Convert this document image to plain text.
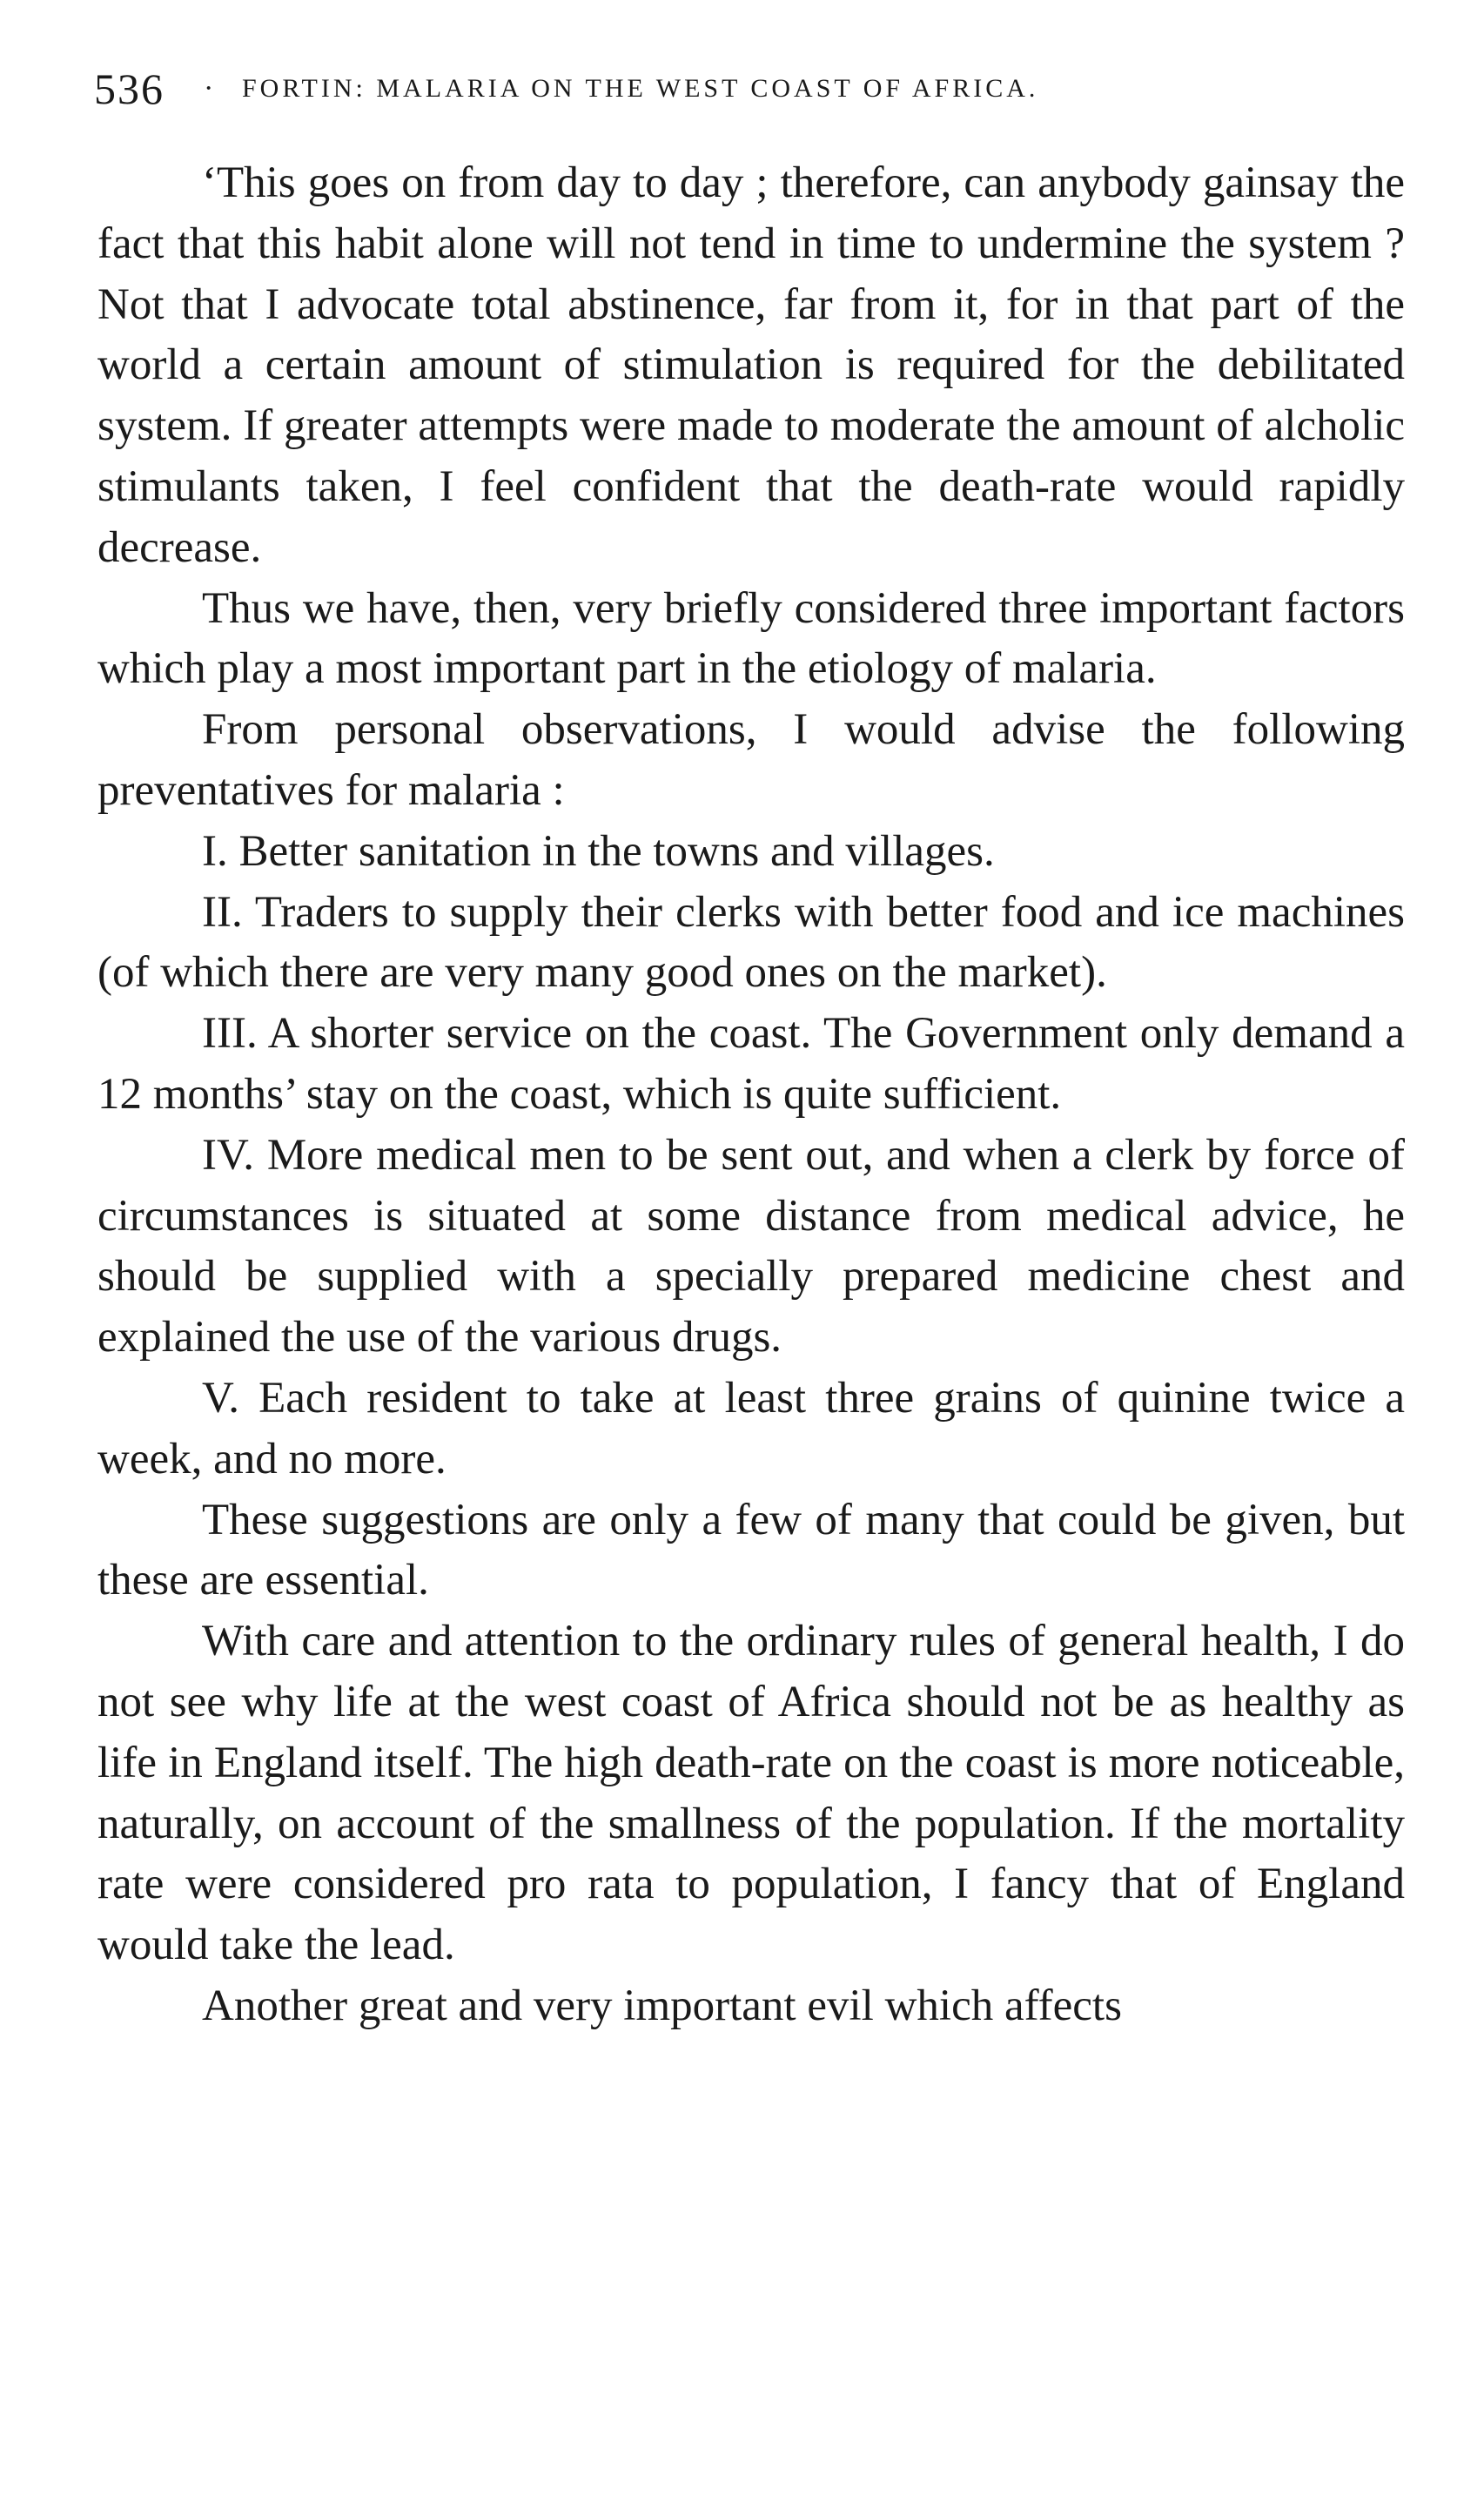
536 · FORTIN: MALARIA ON THE WEST COAST OF AFRICA.

‘This goes on from day to day ; therefore, can anybody gainsay the fact that this habit alone will not tend in time to undermine the system ? Not that I advocate total abstinence, far from it, for in that part of the world a certain amount of stimulation is required for the debilitated system. If greater attempts were made to moderate the amount of alcholic stimulants taken, I feel confident that the death-rate would rapidly decrease.

Thus we have, then, very briefly considered three important factors which play a most important part in the etiology of malaria.

From personal observations, I would advise the following preventatives for malaria :

I. Better sanitation in the towns and villages.

II. Traders to supply their clerks with better food and ice machines (of which there are very many good ones on the market).

III. A shorter service on the coast. The Government only demand a 12 months’ stay on the coast, which is quite sufficient.

IV. More medical men to be sent out, and when a clerk by force of circumstances is situated at some distance from medical advice, he should be supplied with a specially prepared medicine chest and explained the use of the various drugs.

V. Each resident to take at least three grains of quinine twice a week, and no more.

These suggestions are only a few of many that could be given, but these are essential.

With care and attention to the ordinary rules of general health, I do not see why life at the west coast of Africa should not be as healthy as life in England itself. The high death-rate on the coast is more noticeable, naturally, on account of the smallness of the population. If the mortality rate were considered pro rata to population, I fancy that of England would take the lead.

Another great and very important evil which affects
